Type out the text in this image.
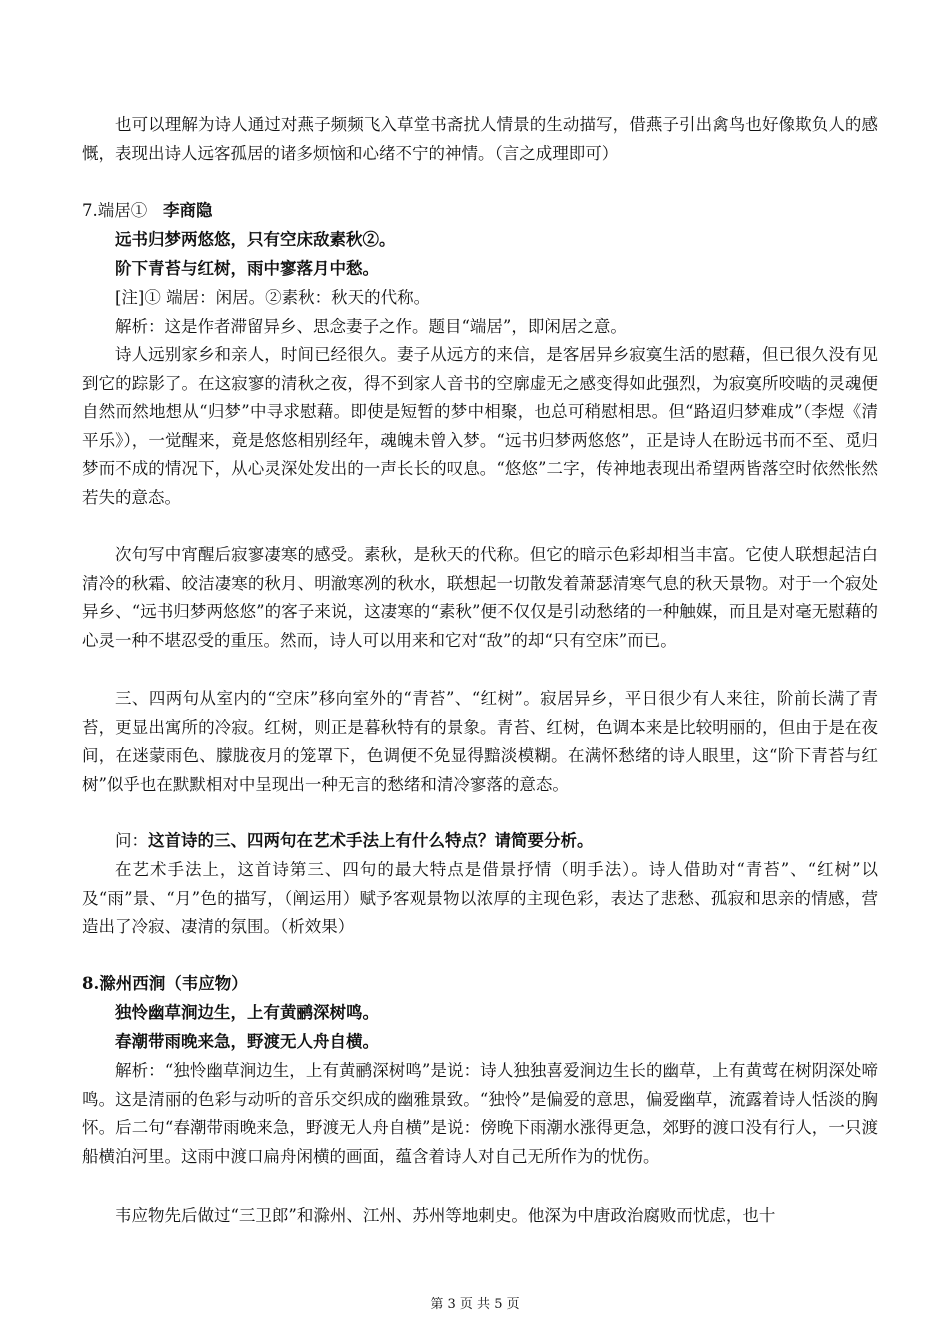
也可以理解为诗人通过对燕子频频飞入草堂书斋扰人情景的生动描写，借燕子引出禽鸟也好像欺负人的感慨，表现出诗人远客孤居的诸多烦恼和心绪不宁的神情。（言之成理即可）

7.端居① 李商隐

远书归梦两悠悠，只有空床敌素秋②。

阶下青苔与红树，雨中寥落月中愁。

[注]① 端居：闲居。②素秋：秋天的代称。

解析：这是作者滞留异乡、思念妻子之作。题目“端居”，即闲居之意。

诗人远别家乡和亲人，时间已经很久。妻子从远方的来信，是客居异乡寂寞生活的慰藉，但已很久没有见到它的踪影了。在这寂寥的清秋之夜，得不到家人音书的空廓虚无之感变得如此强烈，为寂寞所咬啮的灵魂便自然而然地想从“归梦”中寻求慰藉。即使是短暂的梦中相聚，也总可稍慰相思。但“路迢归梦难成”（李煜《清平乐》），一觉醒来，竟是悠悠相别经年，魂魄未曾入梦。“远书归梦两悠悠”，正是诗人在盼远书而不至、觅归梦而不成的情况下，从心灵深处发出的一声长长的叹息。“悠悠”二字，传神地表现出希望两皆落空时依然怅然若失的意态。

次句写中宵醒后寂寥凄寒的感受。素秋，是秋天的代称。但它的暗示色彩却相当丰富。它使人联想起洁白清冷的秋霜、皎洁凄寒的秋月、明澈寒冽的秋水，联想起一切散发着萧瑟清寒气息的秋天景物。对于一个寂处异乡、“远书归梦两悠悠”的客子来说，这凄寒的“素秋”便不仅仅是引动愁绪的一种触媒，而且是对毫无慰藉的心灵一种不堪忍受的重压。然而，诗人可以用来和它对“敌”的却“只有空床”而已。

三、四两句从室内的“空床”移向室外的“青苔”、“红树”。寂居异乡，平日很少有人来往，阶前长满了青苔，更显出寓所的冷寂。红树，则正是暮秋特有的景象。青苔、红树，色调本来是比较明丽的，但由于是在夜间，在迷蒙雨色、朦胧夜月的笼罩下，色调便不免显得黯淡模糊。在满怀愁绪的诗人眼里，这“阶下青苔与红树”似乎也在默默相对中呈现出一种无言的愁绪和清冷寥落的意态。

问：这首诗的三、四两句在艺术手法上有什么特点？请简要分析。

在艺术手法上，这首诗第三、四句的最大特点是借景抒情（明手法）。诗人借助对“青苔”、“红树”以及“雨”景、“月”色的描写，（阐运用）赋予客观景物以浓厚的主现色彩，表达了悲愁、孤寂和思亲的情感，营造出了冷寂、凄清的氛围。（析效果）

8.滁州西涧（韦应物）

独怜幽草涧边生，上有黄鹂深树鸣。

春潮带雨晚来急，野渡无人舟自横。

解析：“独怜幽草涧边生，上有黄鹂深树鸣”是说：诗人独独喜爱涧边生长的幽草，上有黄莺在树阴深处啼鸣。这是清丽的色彩与动听的音乐交织成的幽雅景致。“独怜”是偏爱的意思，偏爱幽草，流露着诗人恬淡的胸怀。后二句“春潮带雨晚来急，野渡无人舟自横”是说：傍晚下雨潮水涨得更急，郊野的渡口没有行人，一只渡船横泊河里。这雨中渡口扁舟闲横的画面，蕴含着诗人对自己无所作为的忧伤。

韦应物先后做过“三卫郎”和滁州、江州、苏州等地刺史。他深为中唐政治腐败而忧虑，也十

第 3 页 共 5 页
